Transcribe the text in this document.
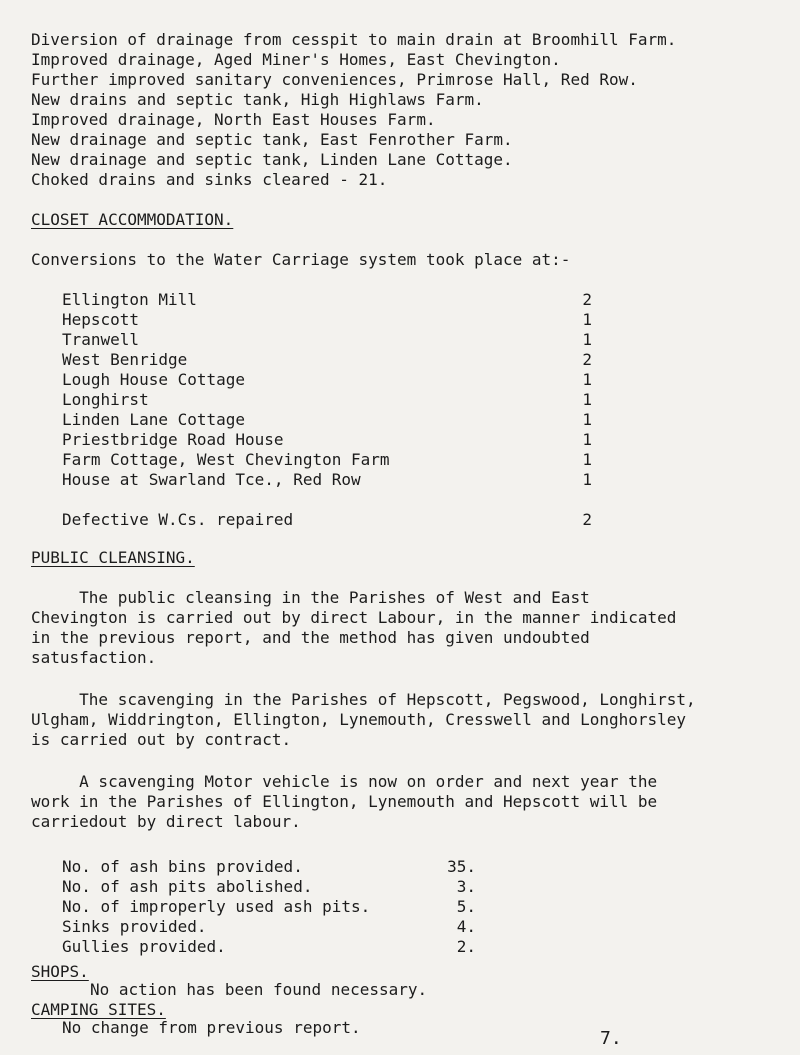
Diversion of drainage from cesspit to main drain at Broomhill Farm.
Improved drainage, Aged Miner's Homes, East Chevington.
Further improved sanitary conveniences, Primrose Hall, Red Row.
New drains and septic tank, High Highlaws Farm.
Improved drainage, North East Houses Farm.
New drainage and septic tank, East Fenrother Farm.
New drainage and septic tank, Linden Lane Cottage.
Choked drains and sinks cleared - 21.
CLOSET ACCOMMODATION.
Conversions to the Water Carriage system took place at:-
Ellington Mill	2
Hepscott	1
Tranwell	1
West Benridge	2
Lough House Cottage	1
Longhirst	1
Linden Lane Cottage	1
Priestbridge Road House	1
Farm Cottage, West Chevington Farm	1
House at Swarland Tce., Red Row	1
Defective W.Cs. repaired	2
PUBLIC CLEANSING.
The public cleansing in the Parishes of West and East
Chevington is carried out by direct Labour, in the manner indicated
in the previous report, and the method has given undoubted
satusfaction.
The scavenging in the Parishes of Hepscott, Pegswood, Longhirst,
Ulgham, Widdrington, Ellington, Lynemouth, Cresswell and Longhorsley
is carried out by contract.
A scavenging Motor vehicle is now on order and next year the
work in the Parishes of Ellington, Lynemouth and Hepscott will be
carriedout by direct labour.
No. of ash bins provided.	35.
No. of ash pits abolished.	3.
No. of improperly used ash pits.	5.
Sinks provided.	4.
Gullies provided.	2.
SHOPS.
No action has been found necessary.
7.
CAMPING SITES.
No change from previous report.
